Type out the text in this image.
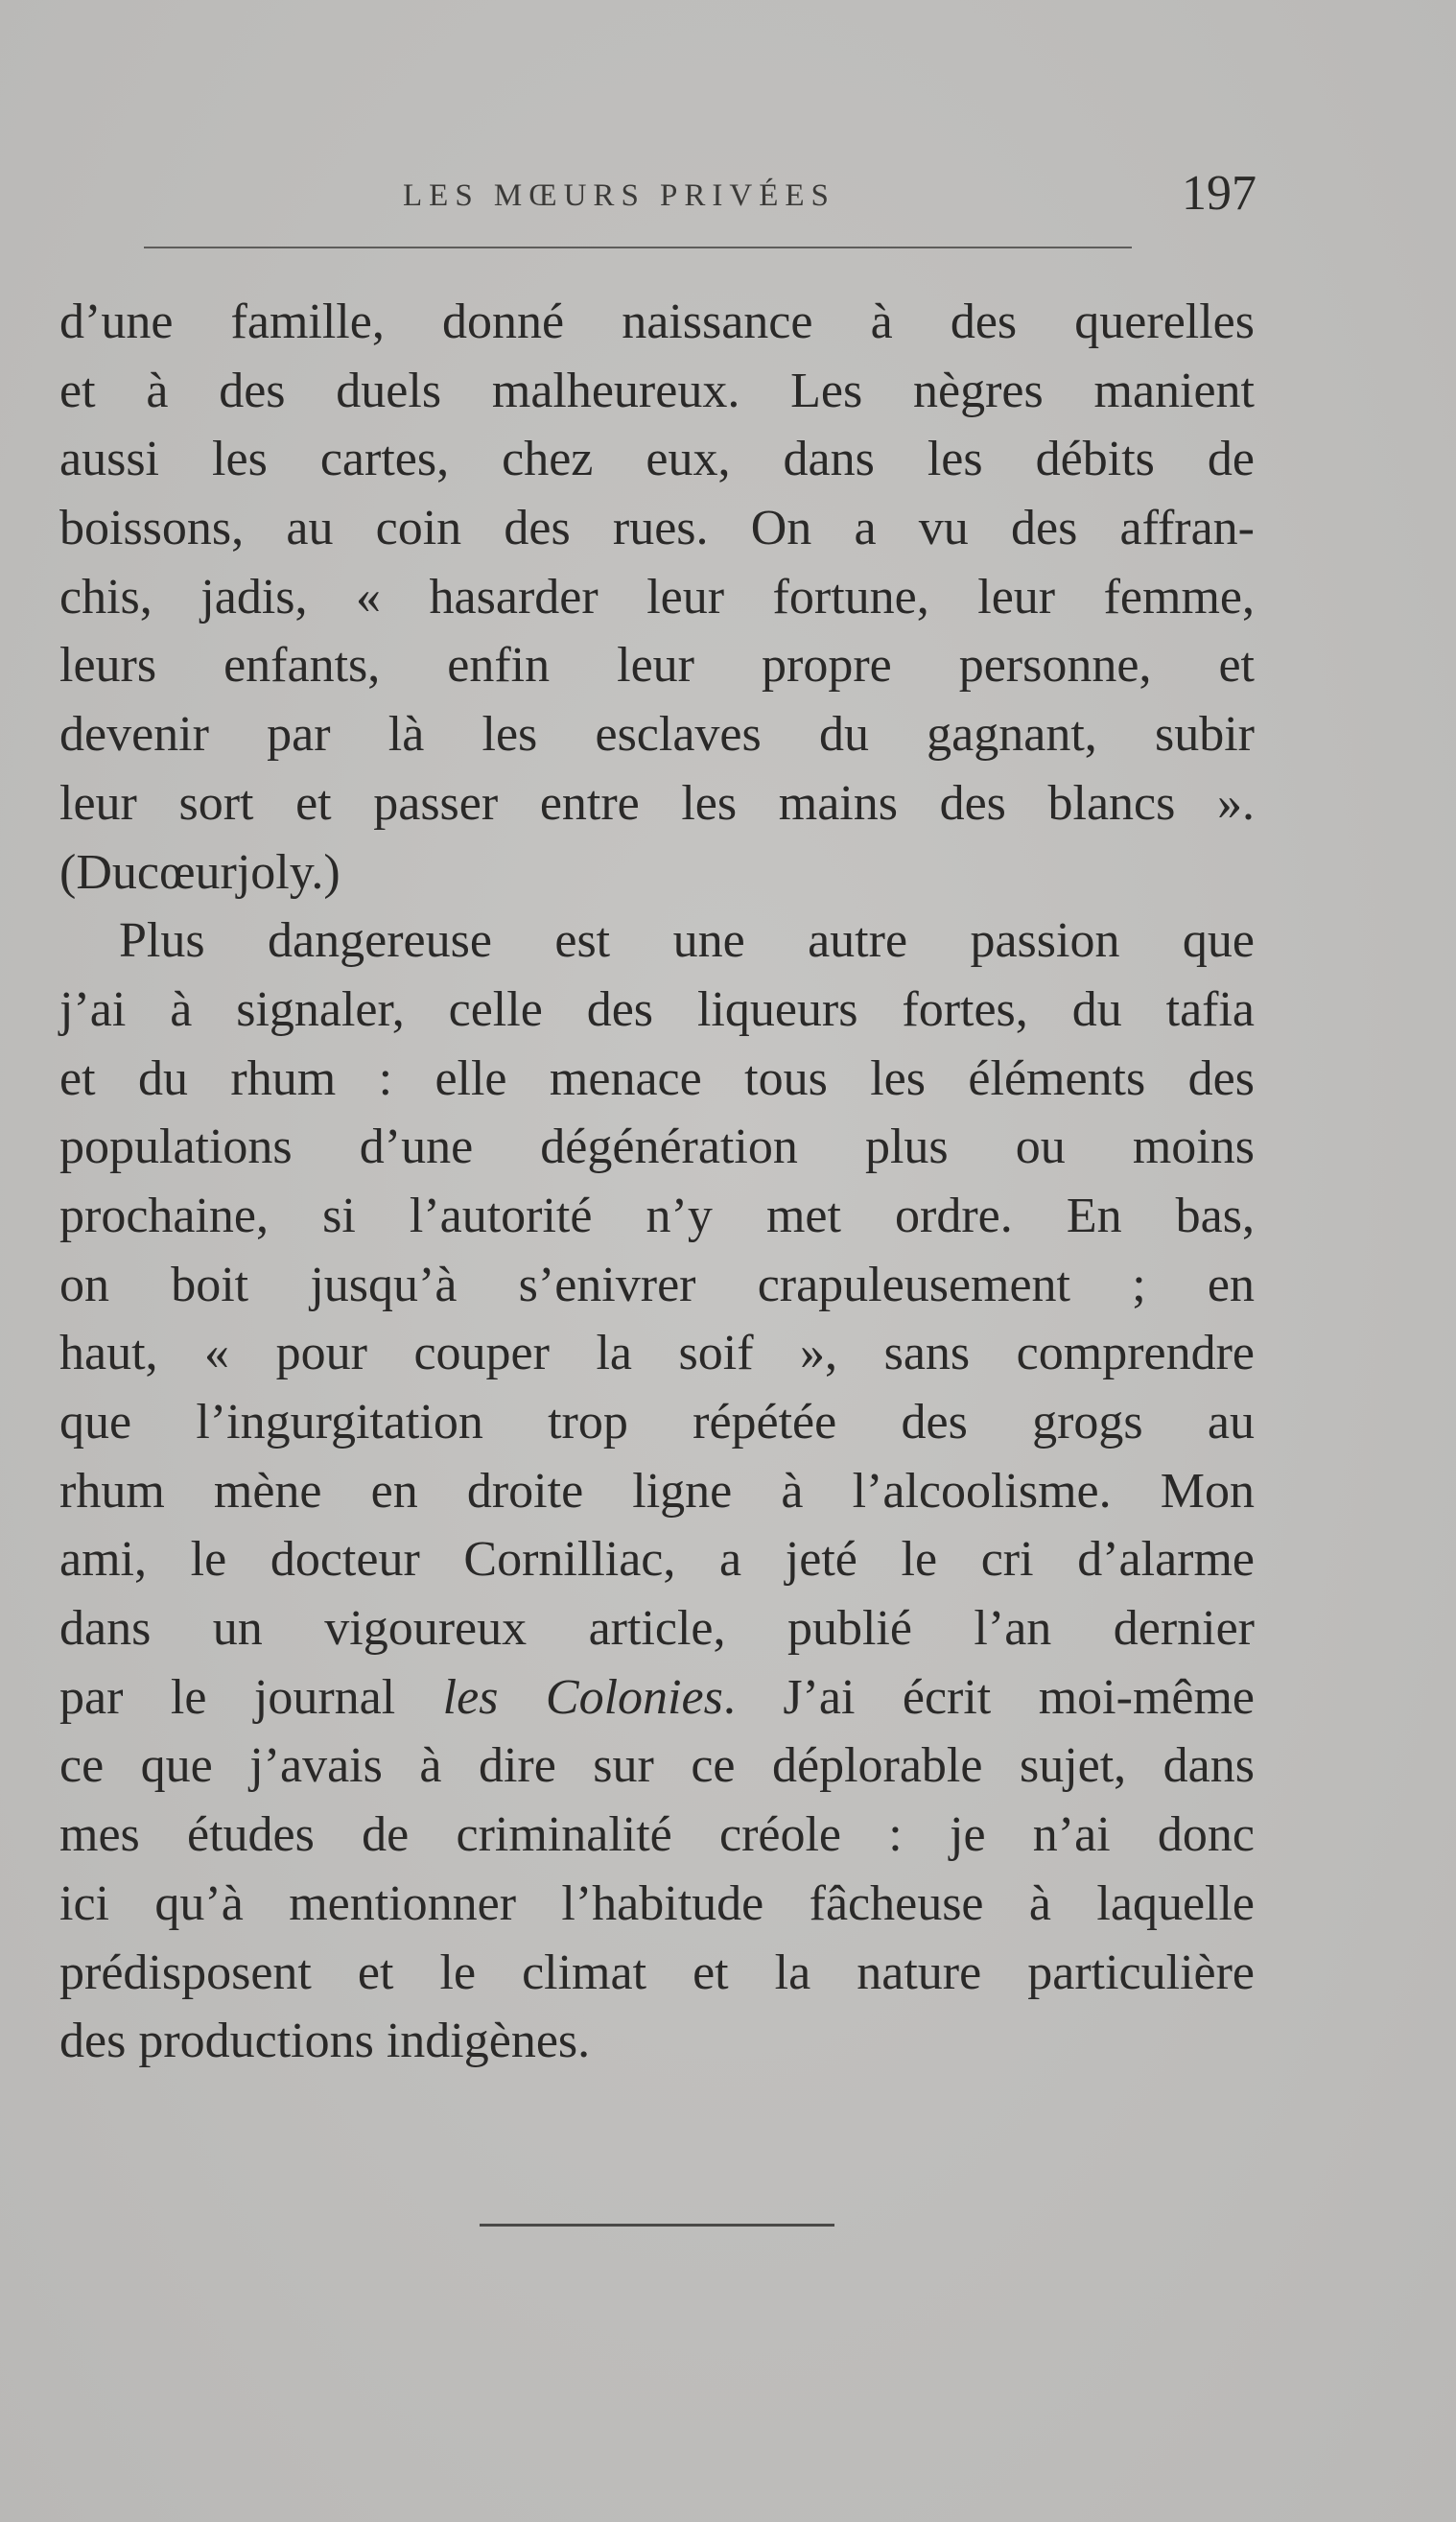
LES MŒURS PRIVÉES	197
d’une famille, donné naissance à des querelles
et à des duels malheureux. Les nègres manient
aussi les cartes, chez eux, dans les débits de
boissons, au coin des rues. On a vu des affran-
chis, jadis, « hasarder leur fortune, leur femme,
leurs enfants, enfin leur propre personne, et
devenir par là les esclaves du gagnant, subir
leur sort et passer entre les mains des blancs ».
(Ducœurjoly.)
Plus dangereuse est une autre passion que
j’ai à signaler, celle des liqueurs fortes, du tafia
et du rhum : elle menace tous les éléments des
populations d’une dégénération plus ou moins
prochaine, si l’autorité n’y met ordre. En bas,
on boit jusqu’à s’enivrer crapuleusement ; en
haut, « pour couper la soif », sans comprendre
que l’ingurgitation trop répétée des grogs au
rhum mène en droite ligne à l’alcoolisme. Mon
ami, le docteur Cornilliac, a jeté le cri d’alarme
dans un vigoureux article, publié l’an dernier
par le journal les Colonies. J’ai écrit moi-même
ce que j’avais à dire sur ce déplorable sujet, dans
mes études de criminalité créole : je n’ai donc
ici qu’à mentionner l’habitude fâcheuse à laquelle
prédisposent et le climat et la nature particulière
des productions indigènes.
